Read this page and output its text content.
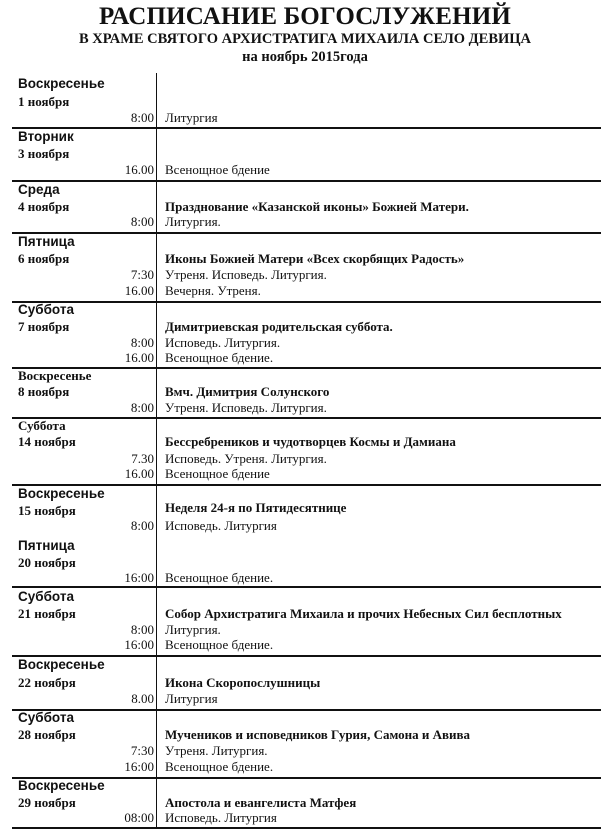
РАСПИСАНИЕ БОГОСЛУЖЕНИЙ
В ХРАМЕ СВЯТОГО АРХИСТРАТИГА МИХАИЛА СЕЛО ДЕВИЦА
на ноябрь 2015года
Воскресенье
1 ноября
8:00 Литургия
Вторник
3 ноября
16.00 Всенощное бдение
Среда
4 ноября	Празднование «Казанской иконы» Божией Матери.
8:00 Литургия.
Пятница
6 ноября	Иконы Божией Матери «Всех скорбящих Радость»
7:30 Утреня. Исповедь. Литургия.
16.00 Вечерня. Утреня.
Суббота
7 ноября	Димитриевская родительская суббота.
8:00 Исповедь. Литургия.
16.00 Всенощное бдение.
Воскресенье
8 ноября	Вмч. Димитрия Солунского
8:00 Утреня. Исповедь. Литургия.
Суббота
14 ноября	Бессребреников и чудотворцев Космы и Дамиана
7.30 Исповедь. Утреня. Литургия.
16.00 Всенощное бдение
Воскресенье
15 ноября	Неделя 24-я по Пятидесятнице
8:00 Исповедь. Литургия
Пятница
20 ноября
16:00 Всенощное бдение.
Суббота
21 ноября	Собор Архистратига Михаила и прочих Небесных Сил бесплотных
8:00 Литургия.
16:00 Всенощное бдение.
Воскресенье
22 ноября	Икона Скоропослушницы
8.00 Литургия
Суббота
28 ноября	Мучеников и исповедников Гурия, Самона и Авива
7:30 Утреня. Литургия.
16:00 Всенощное бдение.
Воскресенье
29 ноября	Апостола и евангелиста Матфея
08:00 Исповедь. Литургия
